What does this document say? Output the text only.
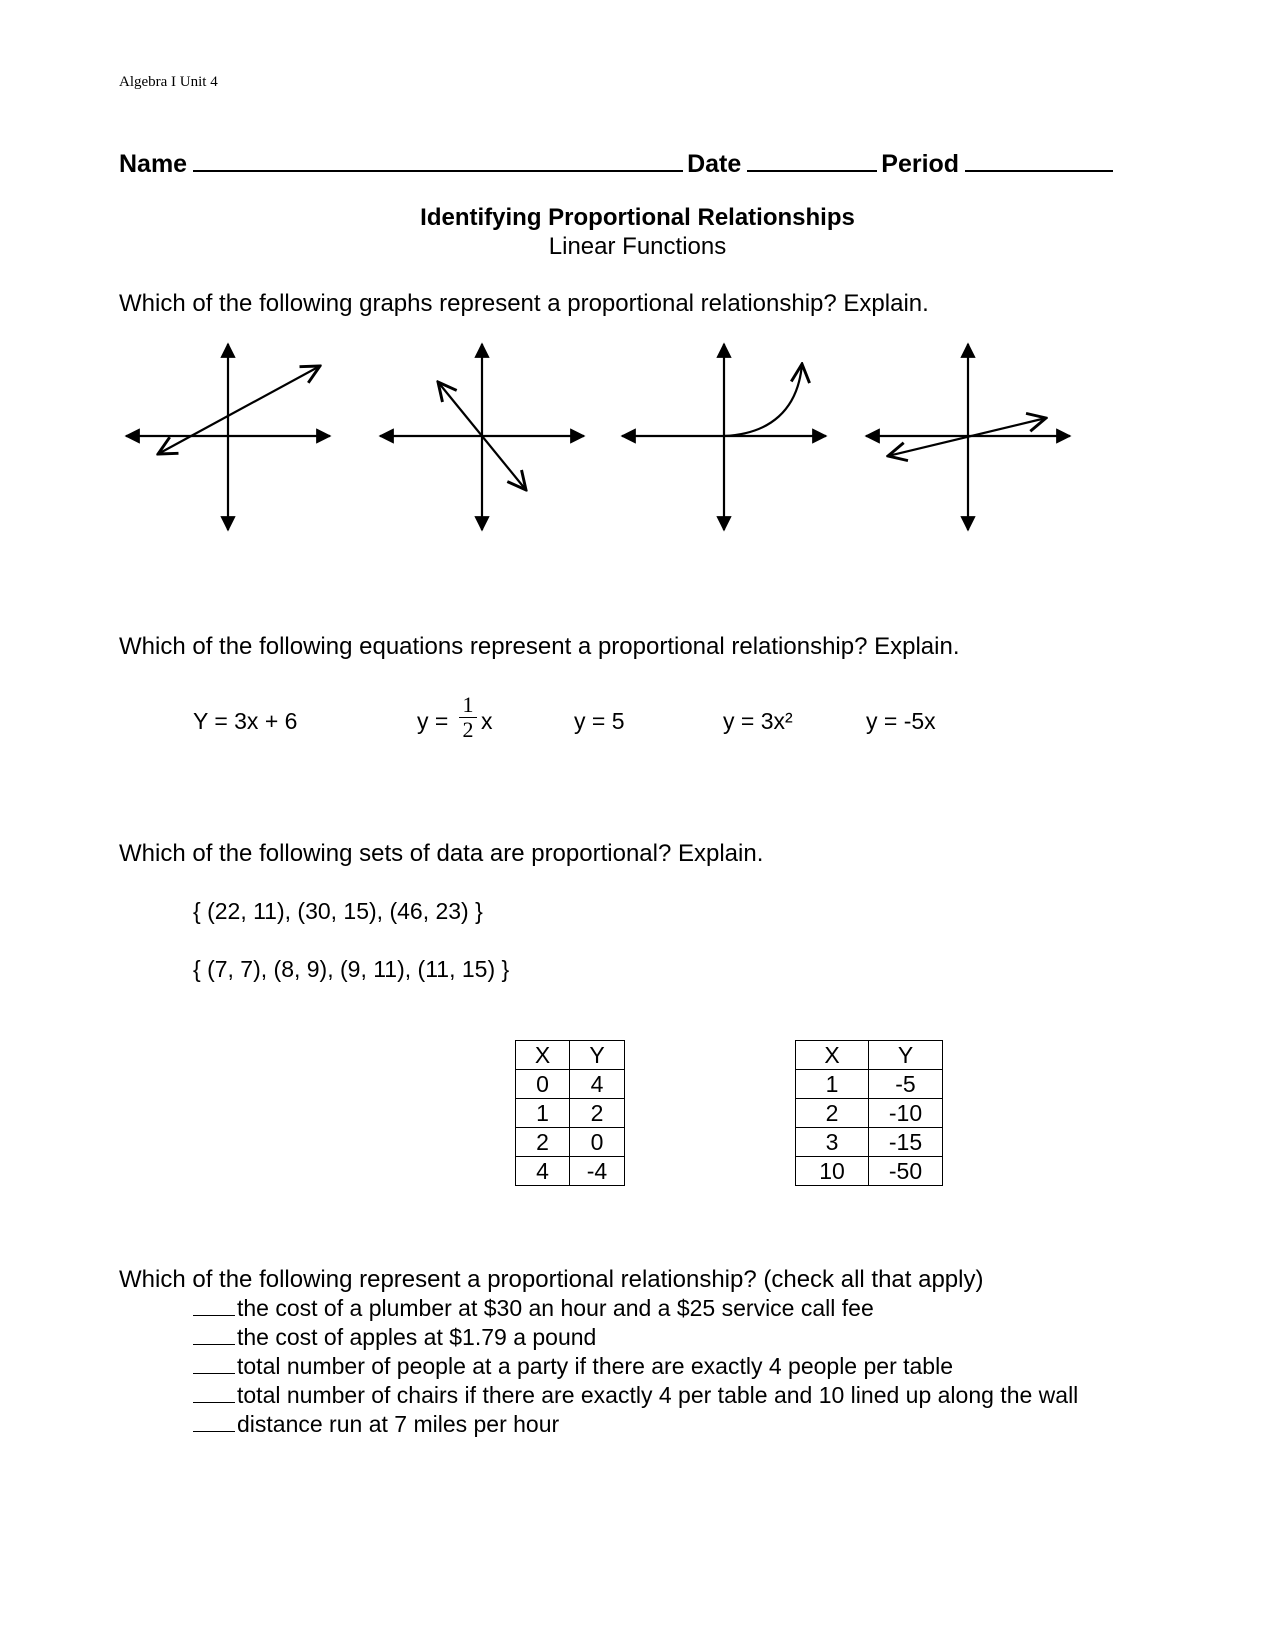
Algebra I Unit 4
Name	Date	Period
Identifying Proportional Relationships
Linear Functions
Which of the following graphs represent a proportional relationship? Explain.
Which of the following equations represent a proportional relationship? Explain.
Y = 3x + 6	y =
1
2 x	y = 5	y = 3x²	y = -5x
Which of the following sets of data are proportional? Explain.
{ (22, 11), (30, 15), (46, 23) }
{ (7, 7), (8, 9), (9, 11), (11, 15) }
X	Y
0	4
1	2
2	0
4	-4
X	Y
1	-5
2	-10
3	-15
10	-50
Which of the following represent a proportional relationship? (check all that apply)
the cost of a plumber at $30 an hour and a $25 service call fee
the cost of apples at $1.79 a pound
total number of people at a party if there are exactly 4 people per table
total number of chairs if there are exactly 4 per table and 10 lined up along the wall
distance run at 7 miles per hour
